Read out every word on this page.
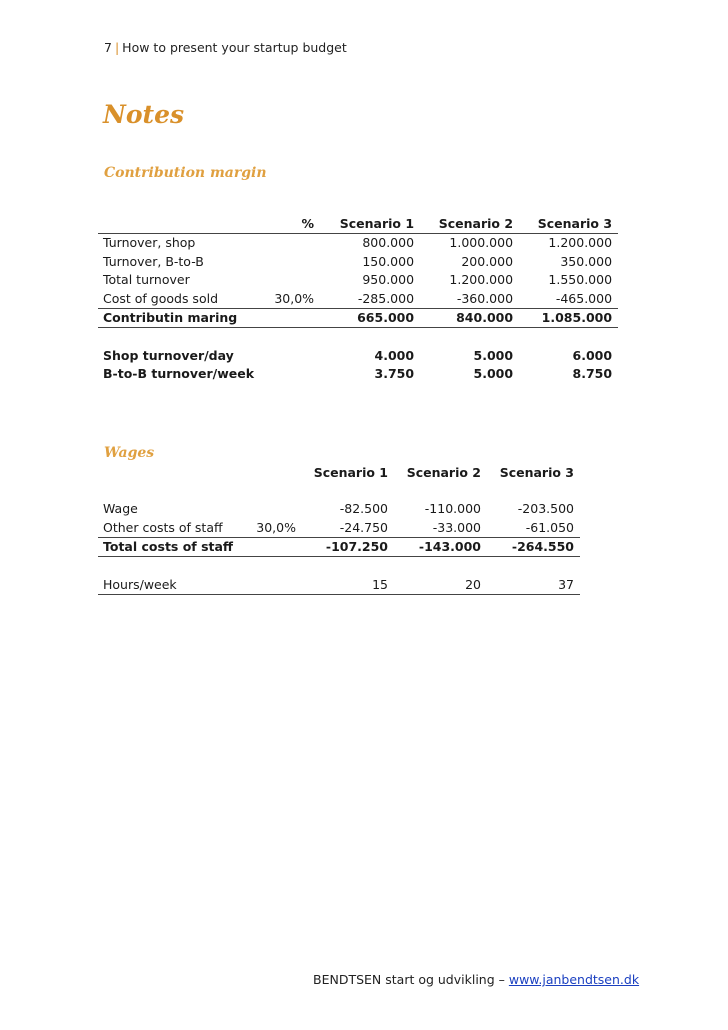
7 | How to present your startup budget
Notes
Contribution margin
	%	Scenario 1	Scenario 2	Scenario 3
Turnover, shop		800.000	1.000.000	1.200.000
Turnover, B-to-B		150.000	200.000	350.000
Total turnover		950.000	1.200.000	1.550.000
Cost of goods sold	30,0%	-285.000	-360.000	-465.000
Contributin maring		665.000	840.000	1.085.000

Shop turnover/day		4.000	5.000	6.000
B-to-B turnover/week		3.750	5.000	8.750
Wages
		Scenario 1	Scenario 2	Scenario 3

Wage		-82.500	-110.000	-203.500
Other costs of staff	30,0%	-24.750	-33.000	-61.050
Total costs of staff		-107.250	-143.000	-264.550

Hours/week		15	20	37
BENDTSEN start og udvikling – www.janbendtsen.dk
